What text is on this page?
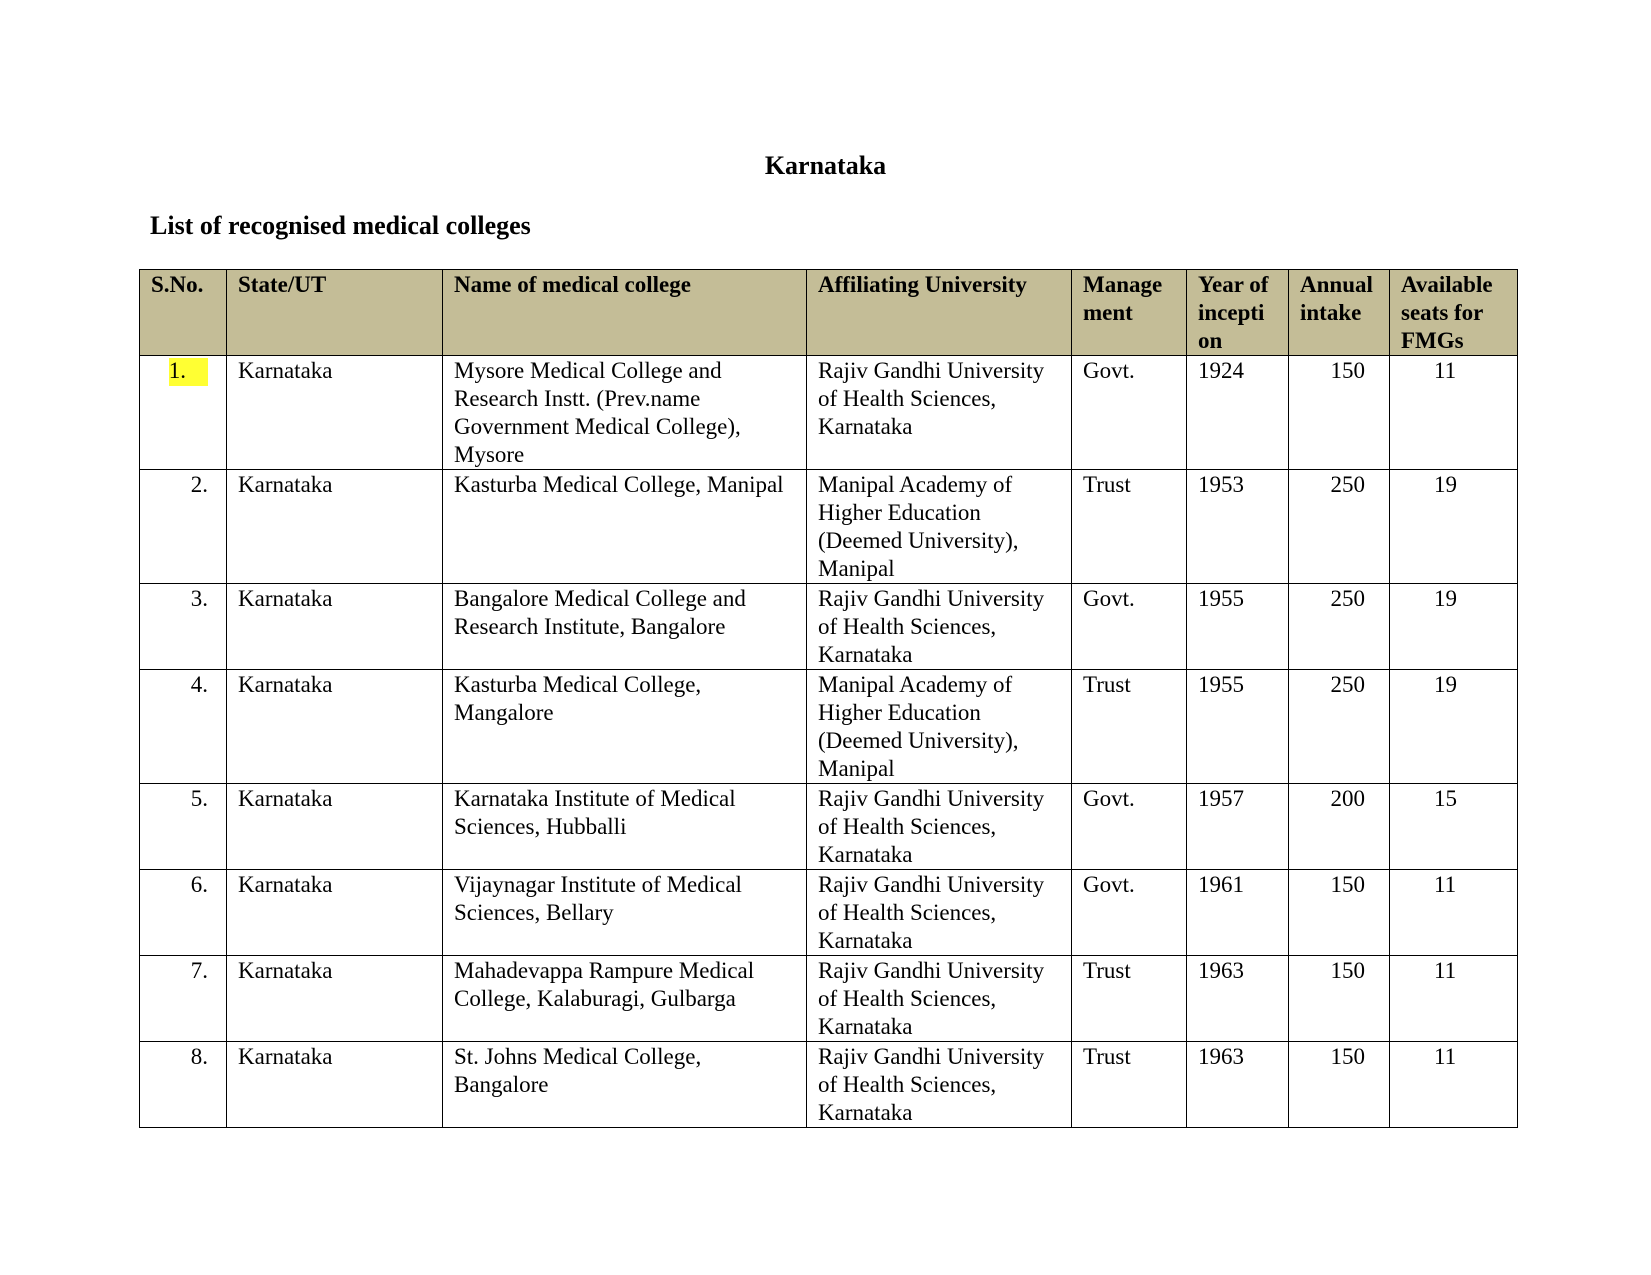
Karnataka
List of recognised medical colleges
S.No.	State/UT	Name of medical college	Affiliating University	Manage ment	Year of incepti on	Annual intake	Available seats for FMGs
1.	Karnataka	Mysore Medical College and Research Instt. (Prev.name Government Medical College), Mysore	Rajiv Gandhi University of Health Sciences, Karnataka	Govt.	1924	150	11
2.	Karnataka	Kasturba Medical College, Manipal	Manipal Academy of Higher Education (Deemed University), Manipal	Trust	1953	250	19
3.	Karnataka	Bangalore Medical College and Research Institute, Bangalore	Rajiv Gandhi University of Health Sciences, Karnataka	Govt.	1955	250	19
4.	Karnataka	Kasturba Medical College, Mangalore	Manipal Academy of Higher Education (Deemed University), Manipal	Trust	1955	250	19
5.	Karnataka	Karnataka Institute of Medical Sciences, Hubballi	Rajiv Gandhi University of Health Sciences, Karnataka	Govt.	1957	200	15
6.	Karnataka	Vijaynagar Institute of Medical Sciences, Bellary	Rajiv Gandhi University of Health Sciences, Karnataka	Govt.	1961	150	11
7.	Karnataka	Mahadevappa Rampure Medical College, Kalaburagi, Gulbarga	Rajiv Gandhi University of Health Sciences, Karnataka	Trust	1963	150	11
8.	Karnataka	St. Johns Medical College, Bangalore	Rajiv Gandhi University of Health Sciences, Karnataka	Trust	1963	150	11
